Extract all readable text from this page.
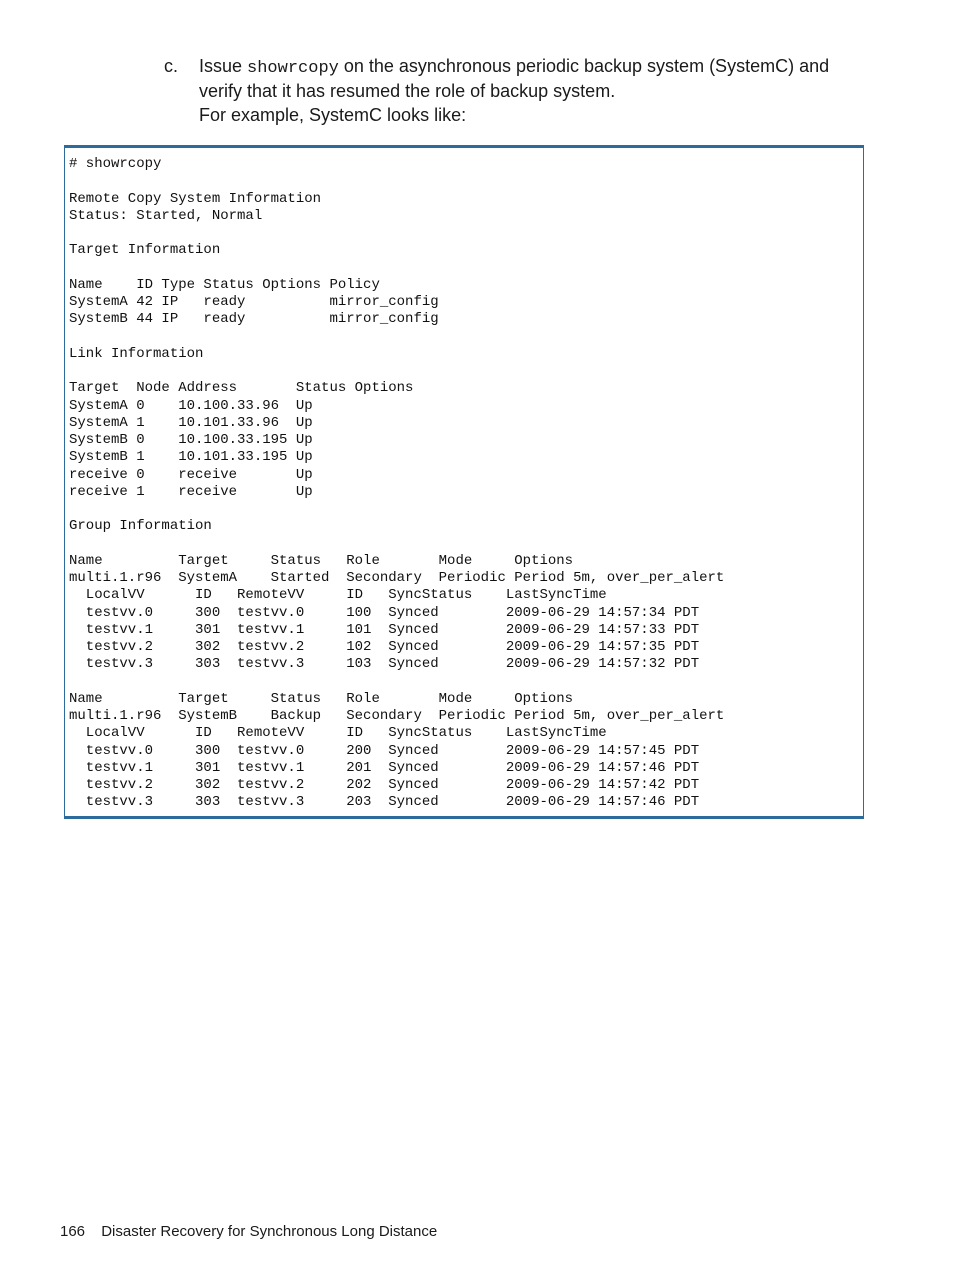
c. Issue showrcopy on the asynchronous periodic backup system (SystemC) and verify that it has resumed the role of backup system.
For example, SystemC looks like:
# showrcopy

Remote Copy System Information
Status: Started, Normal

Target Information

Name    ID Type Status Options Policy
SystemA 42 IP   ready          mirror_config
SystemB 44 IP   ready          mirror_config

Link Information

Target  Node Address       Status Options
SystemA 0    10.100.33.96  Up
SystemA 1    10.101.33.96  Up
SystemB 0    10.100.33.195 Up
SystemB 1    10.101.33.195 Up
receive 0    receive       Up
receive 1    receive       Up

Group Information

Name         Target     Status   Role       Mode     Options
multi.1.r96  SystemA    Started  Secondary  Periodic Period 5m, over_per_alert
LocalVV      ID   RemoteVV     ID   SyncStatus    LastSyncTime
testvv.0     300  testvv.0     100  Synced        2009-06-29 14:57:34 PDT
testvv.1     301  testvv.1     101  Synced        2009-06-29 14:57:33 PDT
testvv.2     302  testvv.2     102  Synced        2009-06-29 14:57:35 PDT
testvv.3     303  testvv.3     103  Synced        2009-06-29 14:57:32 PDT

Name         Target     Status   Role       Mode     Options
multi.1.r96  SystemB    Backup   Secondary  Periodic Period 5m, over_per_alert
LocalVV      ID   RemoteVV     ID   SyncStatus    LastSyncTime
testvv.0     300  testvv.0     200  Synced        2009-06-29 14:57:45 PDT
testvv.1     301  testvv.1     201  Synced        2009-06-29 14:57:46 PDT
testvv.2     302  testvv.2     202  Synced        2009-06-29 14:57:42 PDT
testvv.3     303  testvv.3     203  Synced        2009-06-29 14:57:46 PDT
166 Disaster Recovery for Synchronous Long Distance
